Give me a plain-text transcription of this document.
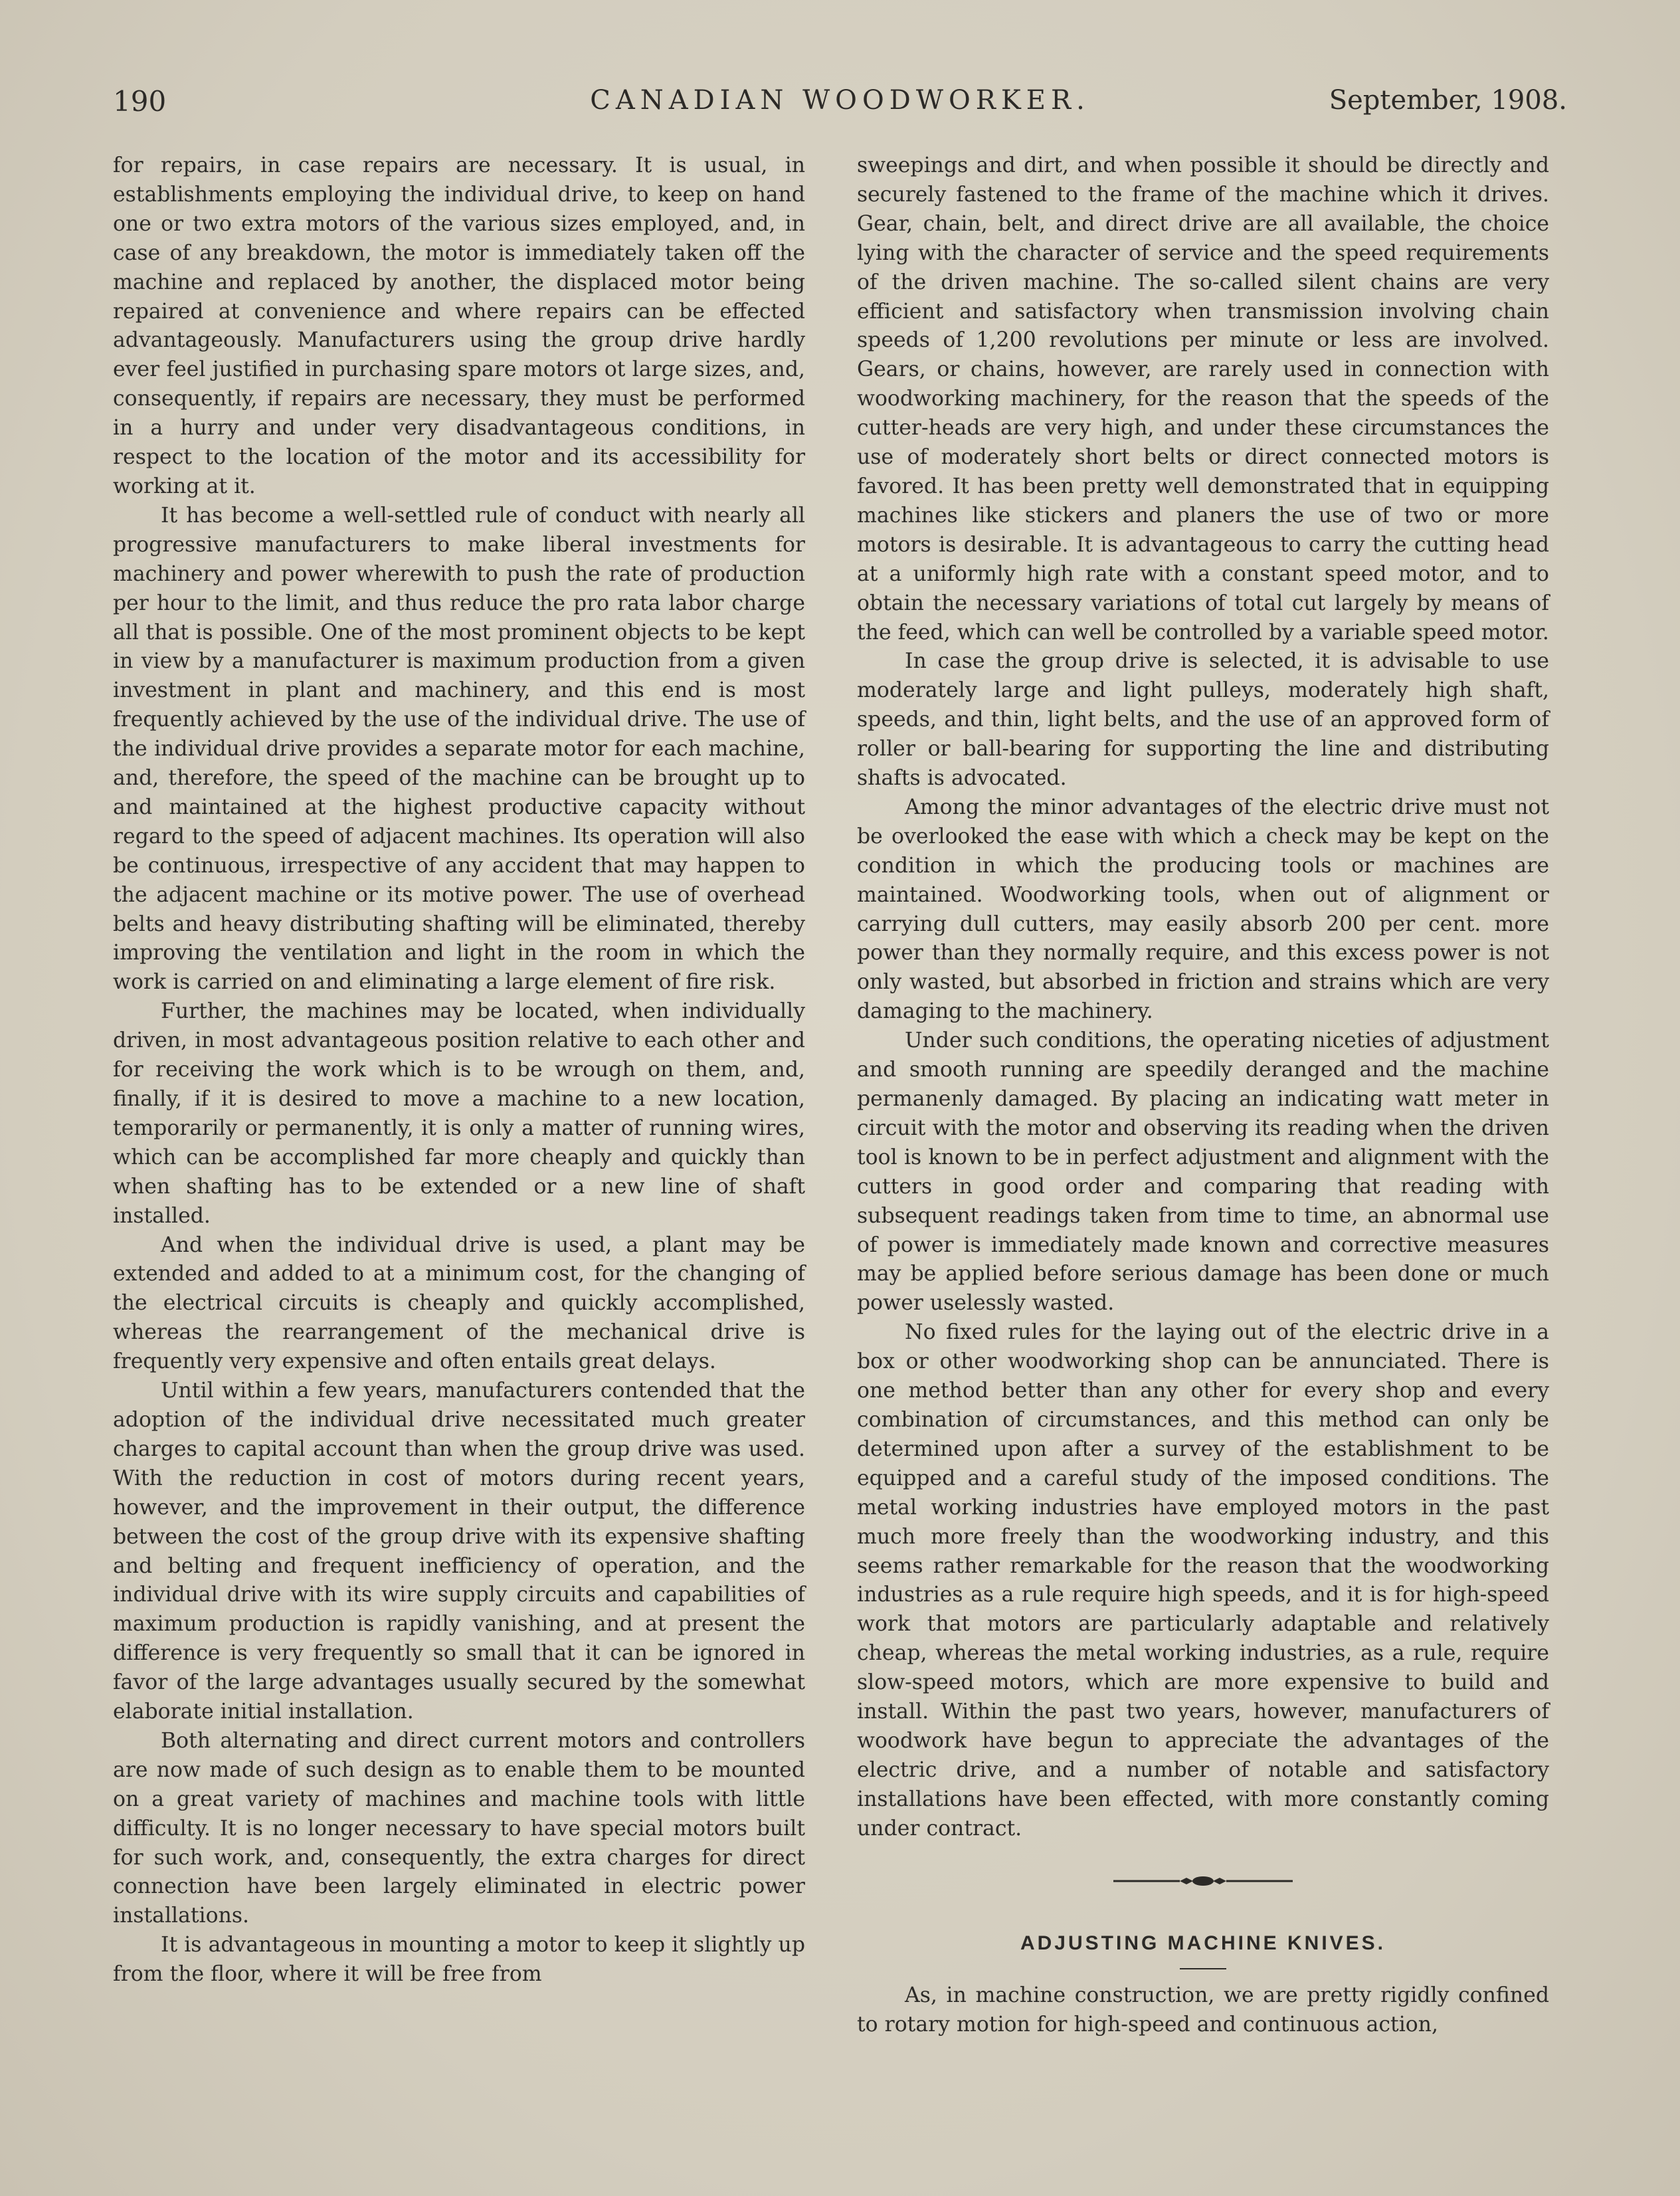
190	CANADIAN WOODWORKER.	September, 1908.

for repairs, in case repairs are necessary. It is usual, in establishments employing the individual drive, to keep on hand one or two extra motors of the various sizes employed, and, in case of any breakdown, the motor is immediately taken off the machine and replaced by another, the displaced motor being repaired at convenience and where repairs can be effected advantageously. Manufacturers using the group drive hardly ever feel justified in purchasing spare motors ot large sizes, and, consequently, if repairs are necessary, they must be performed in a hurry and under very disadvantageous conditions, in respect to the location of the motor and its accessibility for working at it.

It has become a well-settled rule of conduct with nearly all progressive manufacturers to make liberal investments for machinery and power wherewith to push the rate of production per hour to the limit, and thus reduce the pro rata labor charge all that is possible. One of the most prominent objects to be kept in view by a manufacturer is maximum production from a given investment in plant and machinery, and this end is most frequently achieved by the use of the individual drive. The use of the individual drive provides a separate motor for each machine, and, therefore, the speed of the machine can be brought up to and maintained at the highest productive capacity without regard to the speed of adjacent machines. Its operation will also be continuous, irrespective of any accident that may happen to the adjacent machine or its motive power. The use of overhead belts and heavy distributing shafting will be eliminated, thereby improving the ventilation and light in the room in which the work is carried on and eliminating a large element of fire risk.

Further, the machines may be located, when individually driven, in most advantageous position relative to each other and for receiving the work which is to be wrough on them, and, finally, if it is desired to move a machine to a new location, temporarily or permanently, it is only a matter of running wires, which can be accomplished far more cheaply and quickly than when shafting has to be extended or a new line of shaft installed.

And when the individual drive is used, a plant may be extended and added to at a minimum cost, for the changing of the electrical circuits is cheaply and quickly accomplished, whereas the rearrangement of the mechanical drive is frequently very expensive and often entails great delays.

Until within a few years, manufacturers contended that the adoption of the individual drive necessitated much greater charges to capital account than when the group drive was used. With the reduction in cost of motors during recent years, however, and the improvement in their output, the difference between the cost of the group drive with its expensive shafting and belting and frequent inefficiency of operation, and the individual drive with its wire supply circuits and capabilities of maximum production is rapidly vanishing, and at present the difference is very frequently so small that it can be ignored in favor of the large advantages usually secured by the somewhat elaborate initial installation.

Both alternating and direct current motors and controllers are now made of such design as to enable them to be mounted on a great variety of machines and machine tools with little difficulty. It is no longer necessary to have special motors built for such work, and, consequently, the extra charges for direct connection have been largely eliminated in electric power installations.

It is advantageous in mounting a motor to keep it slightly up from the floor, where it will be free from

sweepings and dirt, and when possible it should be directly and securely fastened to the frame of the machine which it drives. Gear, chain, belt, and direct drive are all available, the choice lying with the character of service and the speed requirements of the driven machine. The so-called silent chains are very efficient and satisfactory when transmission involving chain speeds of 1,200 revolutions per minute or less are involved. Gears, or chains, however, are rarely used in connection with woodworking machinery, for the reason that the speeds of the cutter-heads are very high, and under these circumstances the use of moderately short belts or direct connected motors is favored. It has been pretty well demonstrated that in equipping machines like stickers and planers the use of two or more motors is desirable. It is advantageous to carry the cutting head at a uniformly high rate with a constant speed motor, and to obtain the necessary variations of total cut largely by means of the feed, which can well be controlled by a variable speed motor.

In case the group drive is selected, it is advisable to use moderately large and light pulleys, moderately high shaft, speeds, and thin, light belts, and the use of an approved form of roller or ball-bearing for supporting the line and distributing shafts is advocated.

Among the minor advantages of the electric drive must not be overlooked the ease with which a check may be kept on the condition in which the producing tools or machines are maintained. Woodworking tools, when out of alignment or carrying dull cutters, may easily absorb 200 per cent. more power than they normally require, and this excess power is not only wasted, but absorbed in friction and strains which are very damaging to the machinery.

Under such conditions, the operating niceties of adjustment and smooth running are speedily deranged and the machine permanenly damaged. By placing an indicating watt meter in circuit with the motor and observing its reading when the driven tool is known to be in perfect adjustment and alignment with the cutters in good order and comparing that reading with subsequent readings taken from time to time, an abnormal use of power is immediately made known and corrective measures may be applied before serious damage has been done or much power uselessly wasted.

No fixed rules for the laying out of the electric drive in a box or other woodworking shop can be annunciated. There is one method better than any other for every shop and every combination of circumstances, and this method can only be determined upon after a survey of the establishment to be equipped and a careful study of the imposed conditions. The metal working industries have employed motors in the past much more freely than the woodworking industry, and this seems rather remarkable for the reason that the woodworking industries as a rule require high speeds, and it is for high-speed work that motors are particularly adaptable and relatively cheap, whereas the metal working industries, as a rule, require slow-speed motors, which are more expensive to build and install. Within the past two years, however, manufacturers of woodwork have begun to appreciate the advantages of the electric drive, and a number of notable and satisfactory installations have been effected, with more constantly coming under contract.

ADJUSTING MACHINE KNIVES.

As, in machine construction, we are pretty rigidly confined to rotary motion for high-speed and continuous action,
